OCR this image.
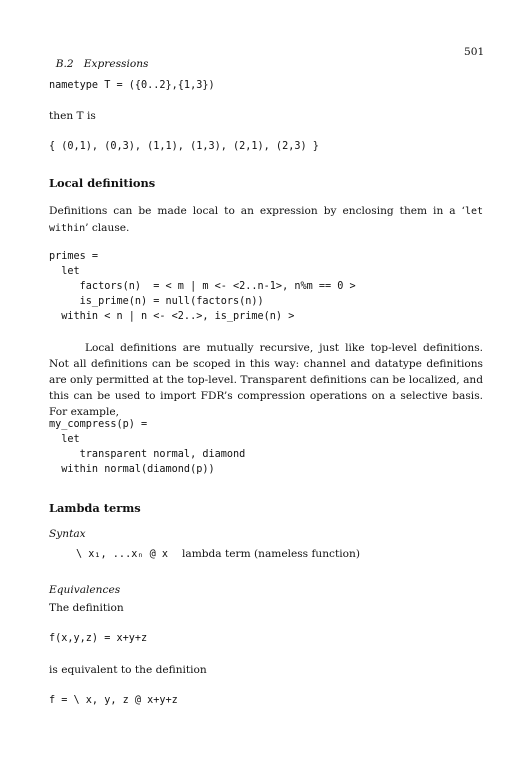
B.2 Expressions

501
nametype T = ({0..2},{1,3})
then T is
{ (0,1), (0,3), (1,1), (1,3), (2,1), (2,3) }
Local definitions
Definitions can be made local to an expression by enclosing them in a ‘let within’ clause.
primes =
let
factors(n)  = < m | m <- <2..n-1>, n%m == 0 >
is_prime(n) = null(factors(n))
within < n | n <- <2..>, is_prime(n) >
Local definitions are mutually recursive, just like top-level definitions. Not all definitions can be scoped in this way: channel and datatype definitions are only permitted at the top-level. Transparent definitions can be localized, and this can be used to import FDR’s compression operations on a selective basis. For example,
my_compress(p) =
let
transparent normal, diamond
within normal(diamond(p))
Lambda terms
Syntax
\ x₁, ...xₙ @ x lambda term (nameless function)
Equivalences
The definition
f(x,y,z) = x+y+z
is equivalent to the definition
f = \ x, y, z @ x+y+z
